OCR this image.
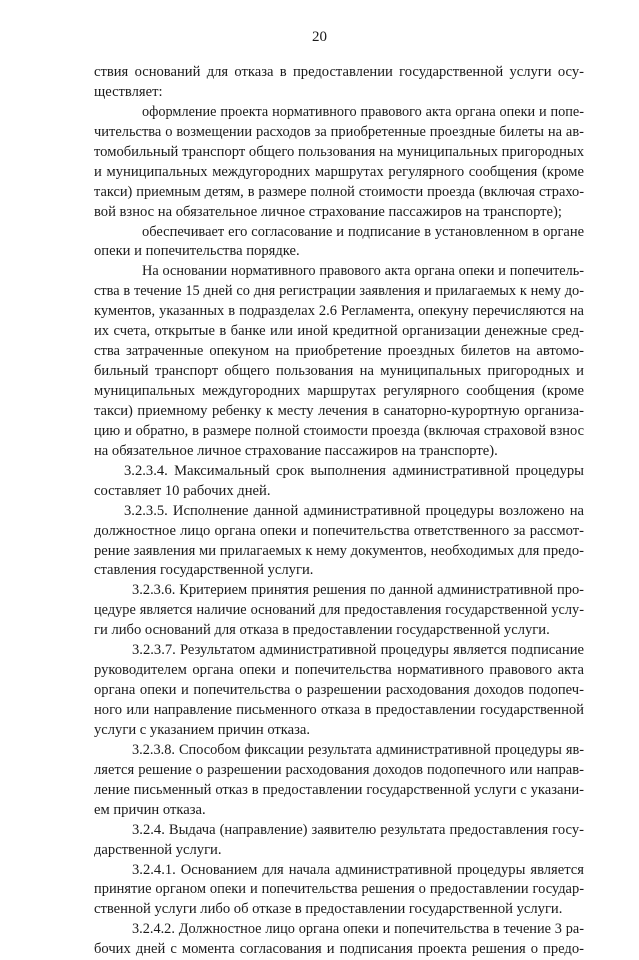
20
ствия оснований для отказа в предоставлении государственной услуги осу-
ществляет:
оформление проекта нормативного правового акта органа опеки и попе-
чительства о возмещении расходов за приобретенные проездные билеты на ав-
томобильный транспорт общего пользования на муниципальных пригородных
и муниципальных междугородних маршрутах регулярного сообщения (кроме
такси) приемным детям, в размере полной стоимости проезда (включая страхо-
вой взнос на обязательное личное страхование пассажиров на транспорте);
обеспечивает его согласование и подписание в установленном в органе
опеки и попечительства порядке.
На основании нормативного правового акта органа опеки и попечитель-
ства в течение 15 дней со дня регистрации заявления и прилагаемых к нему до-
кументов, указанных в подразделах 2.6 Регламента, опекуну перечисляются на
их счета, открытые в банке или иной кредитной организации денежные сред-
ства затраченные опекуном на приобретение проездных билетов на автомо-
бильный транспорт общего пользования на муниципальных пригородных и
муниципальных междугородних маршрутах регулярного сообщения (кроме
такси) приемному ребенку к месту лечения в санаторно-курортную организа-
цию и обратно, в размере полной стоимости проезда (включая страховой взнос
на обязательное личное страхование пассажиров на транспорте).
3.2.3.4. Максимальный срок выполнения административной процедуры
составляет 10 рабочих дней.
3.2.3.5. Исполнение данной административной процедуры возложено на
должностное лицо органа опеки и попечительства ответственного за рассмот-
рение заявления ми прилагаемых к нему документов, необходимых для предо-
ставления государственной услуги.
3.2.3.6. Критерием принятия решения по данной административной про-
цедуре является наличие оснований для предоставления государственной услу-
ги либо оснований для отказа в предоставлении государственной услуги.
3.2.3.7. Результатом административной процедуры является подписание
руководителем органа опеки и попечительства нормативного правового акта
органа опеки и попечительства о разрешении расходования доходов подопеч-
ного или направление письменного отказа в предоставлении государственной
услуги с указанием причин отказа.
3.2.3.8. Способом фиксации результата административной процедуры яв-
ляется решение о разрешении расходования доходов подопечного или направ-
ление письменный отказ в предоставлении государственной услуги с указани-
ем причин отказа.
3.2.4. Выдача (направление) заявителю результата предоставления госу-
дарственной услуги.
3.2.4.1. Основанием для начала административной процедуры является
принятие органом опеки и попечительства решения о предоставлении государ-
ственной услуги либо об отказе в предоставлении государственной услуги.
3.2.4.2. Должностное лицо органа опеки и попечительства в течение 3 ра-
бочих дней с момента согласования и подписания проекта решения о предо-
